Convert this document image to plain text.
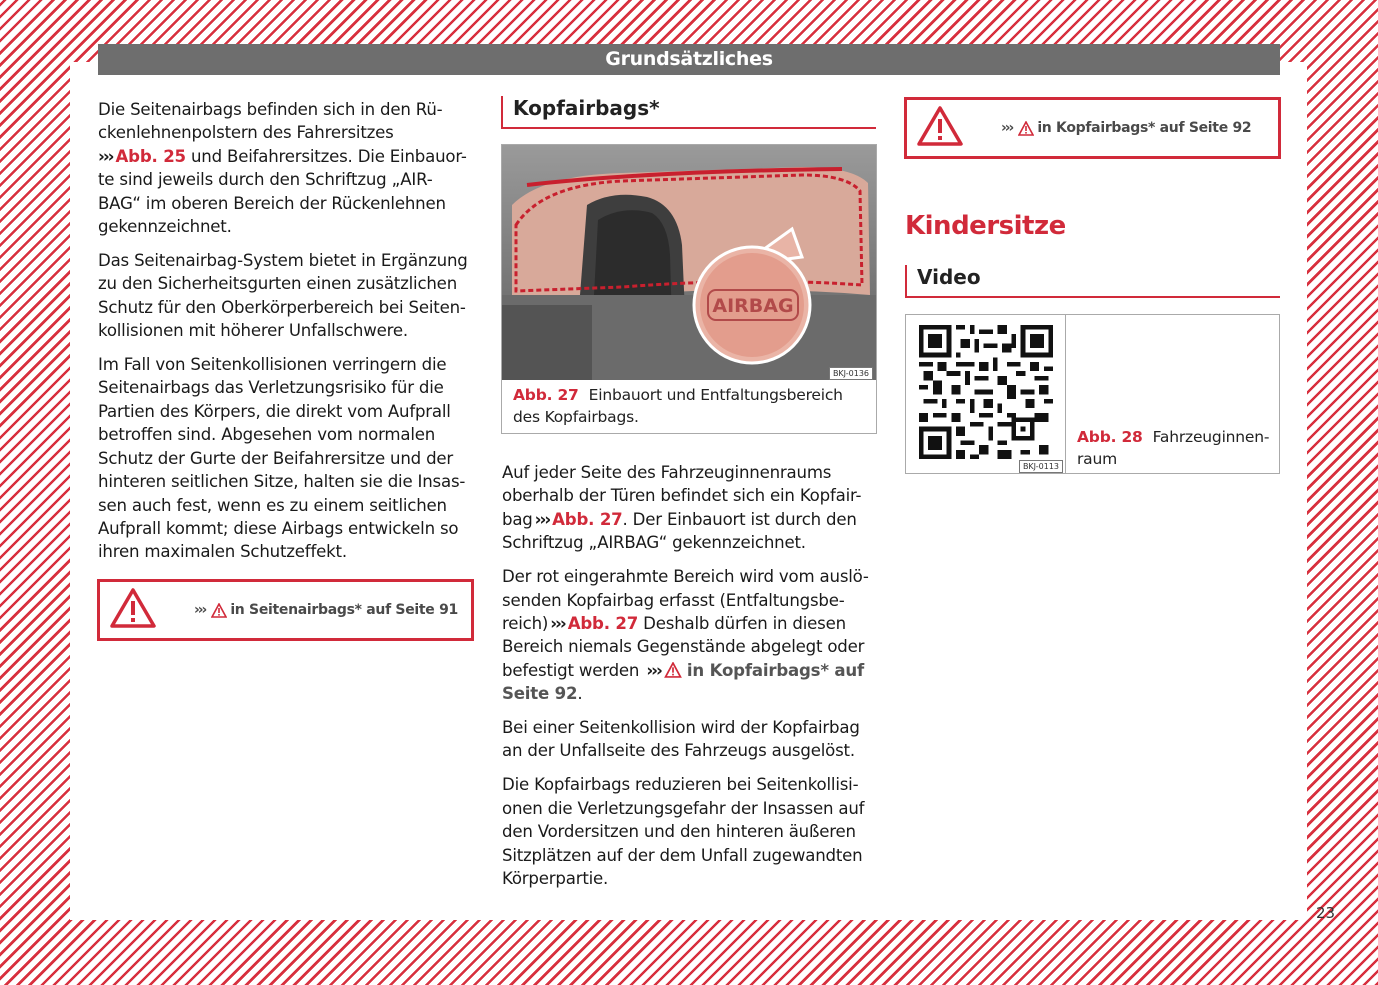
Grundsätzliches

Die Seitenairbags befinden sich in den Rü-ckenlehnenpolstern des Fahrersitzes
››› Abb. 25 und Beifahrersitzes. Die Einbauor-te sind jeweils durch den Schriftzug „AIR-BAG“ im oberen Bereich der Rückenlehnen gekennzeichnet.

Das Seitenairbag-System bietet in Ergänzung zu den Sicherheitsgurten einen zusätzlichen Schutz für den Oberkörperbereich bei Seiten-kollisionen mit höherer Unfallschwere.

Im Fall von Seitenkollisionen verringern die Seitenairbags das Verletzungsrisiko für die Partien des Körpers, die direkt vom Aufprall betroffen sind. Abgesehen vom normalen Schutz der Gurte der Beifahrersitze und der hinteren seitlichen Sitze, halten sie die Insas-sen auch fest, wenn es zu einem seitlichen Aufprall kommt; diese Airbags entwickeln so ihren maximalen Schutzeffekt.

››› in Seitenairbags* auf Seite 91
Kopfairbags*
AIRBAG
BKJ-0136
Abb. 27 Einbauort und Entfaltungsbereich des Kopfairbags.

Auf jeder Seite des Fahrzeuginnenraums oberhalb der Türen befindet sich ein Kopfair-bag ››› Abb. 27. Der Einbauort ist durch den Schriftzug „AIRBAG“ gekennzeichnet.

Der rot eingerahmte Bereich wird vom auslö-senden Kopfairbag erfasst (Entfaltungsbe-reich) ››› Abb. 27 Deshalb dürfen in diesen Bereich niemals Gegenstände abgelegt oder befestigt werden ››› in Kopfairbags* auf
Seite 92.

Bei einer Seitenkollision wird der Kopfairbag an der Unfallseite des Fahrzeugs ausgelöst.

Die Kopfairbags reduzieren bei Seitenkollisi-onen die Verletzungsgefahr der Insassen auf den Vordersitzen und den hinteren äußeren Sitzplätzen auf der dem Unfall zugewandten Körperpartie.

››› in Kopfairbags* auf Seite 92
Kindersitze
Video
BKJ-0113
Abb. 28 Fahrzeuginnen-raum
23
